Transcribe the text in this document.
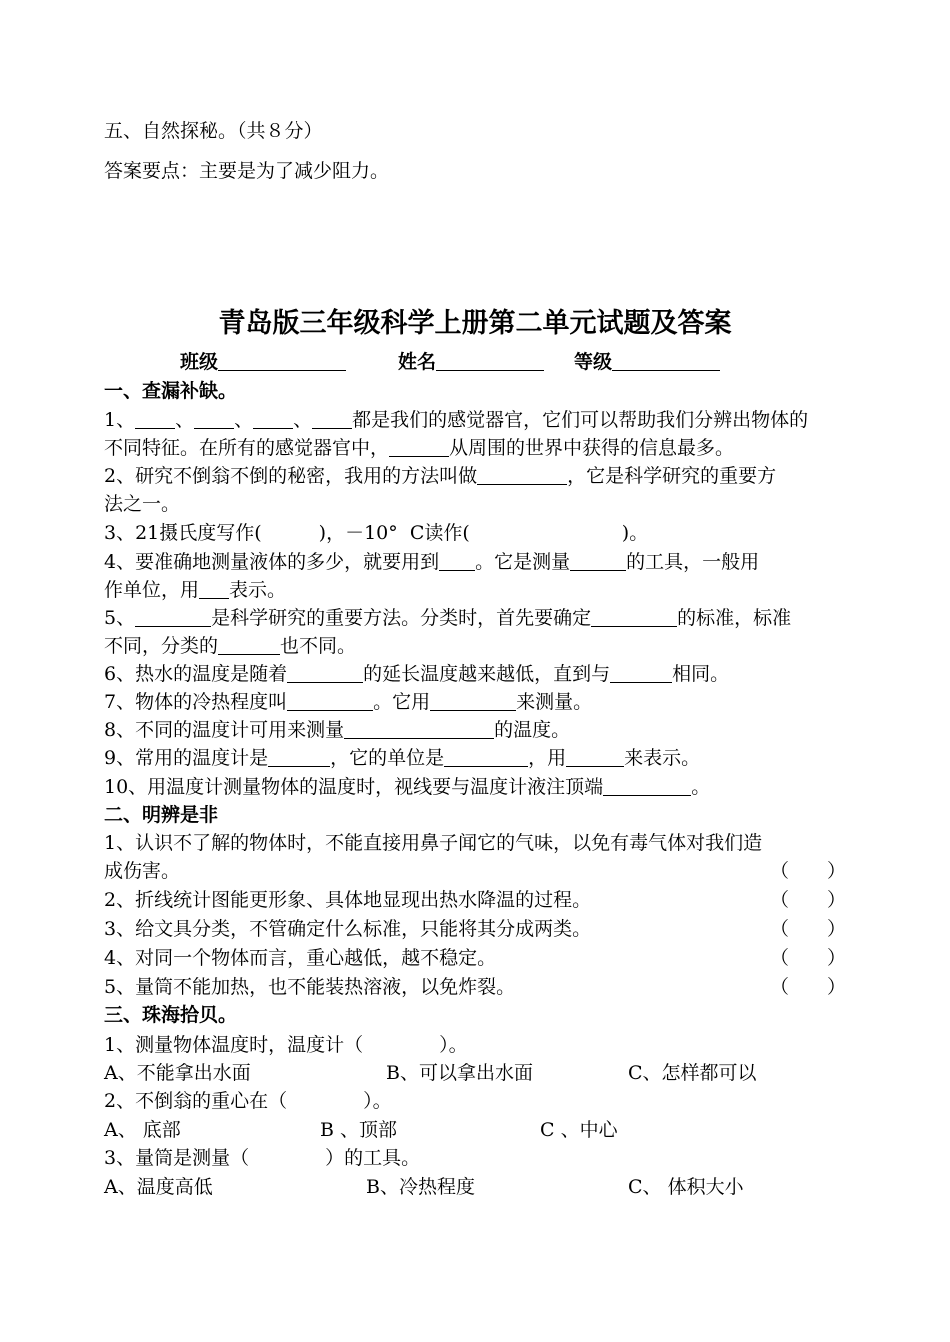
五、自然探秘。（共８分）
答案要点：主要是为了减少阻力。
青岛版三年级科学上册第二单元试题及答案
班级	姓名	等级
一、查漏补缺。
1、 、 、 、 都是我们的感觉器官，它们可以帮助我们分辨出物体的
不同特征。在所有的感觉器官中，	从周围的世界中获得的信息最多。
2、研究不倒翁不倒的秘密，我用的方法叫做	，它是科学研究的重要方
法之一。
3、21摄氏度写作(　　　)，－10°  C读作(　　　　　　　　)。
4、要准确地测量液体的多少，就要用到 。它是测量	的工具，一般用
作单位，用 表示。
5、	是科学研究的重要方法。分类时，首先要确定	的标准，标准
不同，分类的	也不同。
6、热水的温度是随着	的延长温度越来越低，直到与	相同。
7、物体的冷热程度叫	。它用	来测量。
8、不同的温度计可用来测量	的温度。
9、常用的温度计是	，它的单位是	，用	来表示。
10、用温度计测量物体的温度时，视线要与温度计液注顶端	。
二、明辨是非
1、认识不了解的物体时，不能直接用鼻子闻它的气味，以免有毒气体对我们造
成伤害。	（　　）
2、折线统计图能更形象、具体地显现出热水降温的过程。	（　　）
3、给文具分类，不管确定什么标准，只能将其分成两类。	（　　）
4、对同一个物体而言，重心越低，越不稳定。	（　　）
5、量筒不能加热，也不能装热溶液，以免炸裂。	（　　）
三、珠海拾贝。
1、测量物体温度时，温度计（　　　　）。
A、不能拿出水面	B、可以拿出水面	C、怎样都可以
2、不倒翁的重心在（　　　　）。
A、 底部	B 、顶部	C 、中心
3、量筒是测量（　　　　）的工具。
A、温度高低	B、冷热程度	C、 体积大小
